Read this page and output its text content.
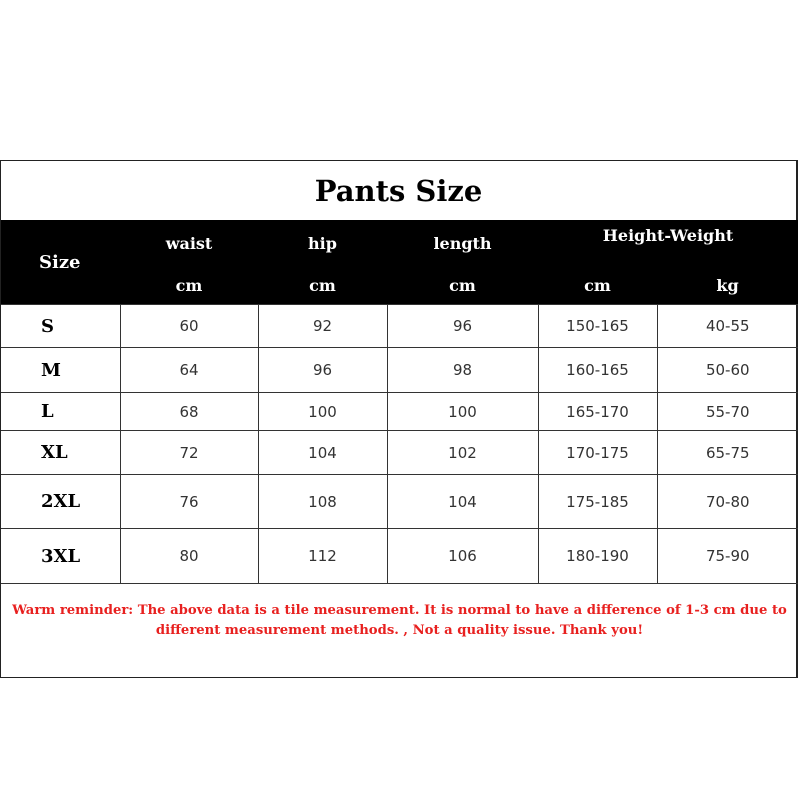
Pants Size
Size	waist	hip	length	Height-Weight	
	cm	cm	cm	cm	kg
S	60	92	96	150-165	40-55
M	64	96	98	160-165	50-60
L	68	100	100	165-170	55-70
XL	72	104	102	170-175	65-75
2XL	76	108	104	175-185	70-80
3XL	80	112	106	180-190	75-90
Warm reminder: The above data is a tile measurement. It is normal to have a difference of 1-3 cm due to
different measurement methods. , Not a quality issue. Thank you!
